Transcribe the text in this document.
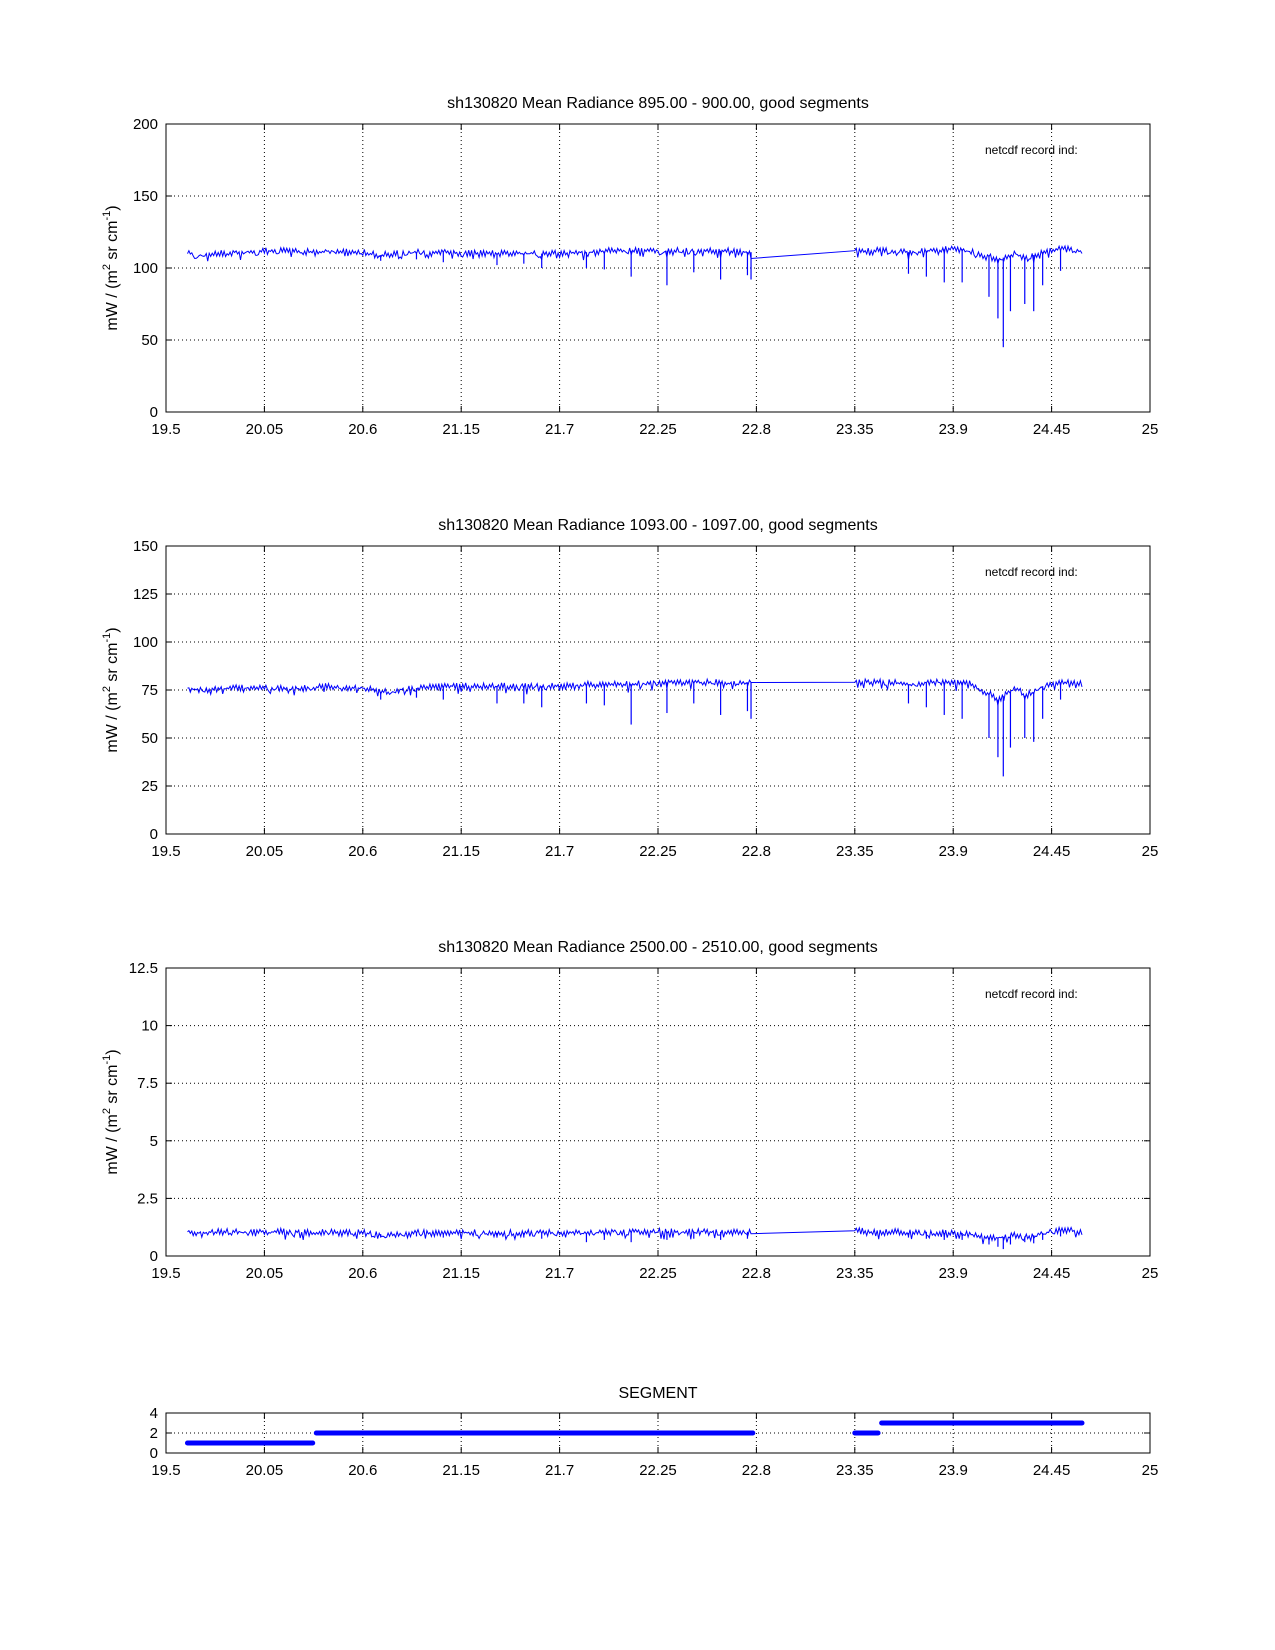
sh130820 Mean Radiance 895.00 - 900.00, good segments
19.5	20.05	20.6	21.15	21.7	22.25	22.8	23.35	23.9	24.45	25
0
50
100
150
200
netcdf record ind:
mW / ($m^2$ sr $cm^{-1}$)
sh130820 Mean Radiance 1093.00 - 1097.00, good segments
19.5	20.05	20.6	21.15	21.7	22.25	22.8	23.35	23.9	24.45	25
0
25
50
75
100
125
150
netcdf record ind:
mW / ($m^2$ sr $cm^{-1}$)
sh130820 Mean Radiance 2500.00 - 2510.00, good segments
19.5	20.05	20.6	21.15	21.7	22.25	22.8	23.35	23.9	24.45	25
0
2.5
5
7.5
10
12.5
netcdf record ind:
mW / ($m^2$ sr $cm^{-1}$)
SEGMENT
19.5	20.05	20.6	21.15	21.7	22.25	22.8	23.35	23.9	24.45	25
0
2
4
